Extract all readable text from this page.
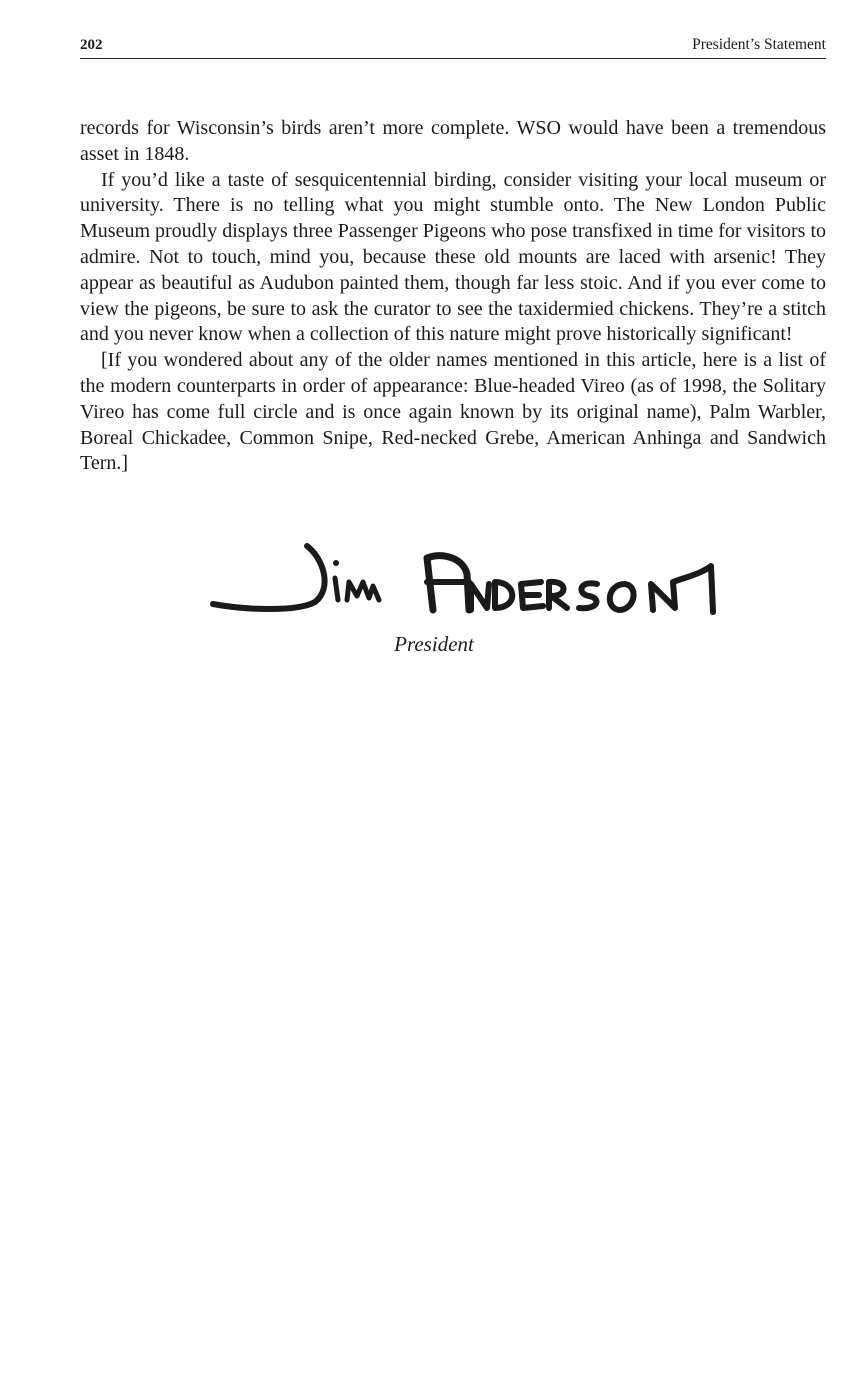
202	President’s Statement

records for Wisconsin’s birds aren’t more complete. WSO would have been a tremendous asset in 1848.

If you’d like a taste of sesquicentennial birding, consider visiting your local museum or university. There is no telling what you might stumble onto. The New London Public Museum proudly displays three Passenger Pigeons who pose transfixed in time for visitors to admire. Not to touch, mind you, because these old mounts are laced with arsenic! They appear as beautiful as Audubon painted them, though far less stoic. And if you ever come to view the pigeons, be sure to ask the curator to see the taxidermied chickens. They’re a stitch and you never know when a collection of this nature might prove historically significant!

[If you wondered about any of the older names mentioned in this article, here is a list of the modern counterparts in order of appearance: Blue-headed Vireo (as of 1998, the Solitary Vireo has come full circle and is once again known by its original name), Palm Warbler, Boreal Chickadee, Common Snipe, Red-necked Grebe, American Anhinga and Sandwich Tern.]

President
